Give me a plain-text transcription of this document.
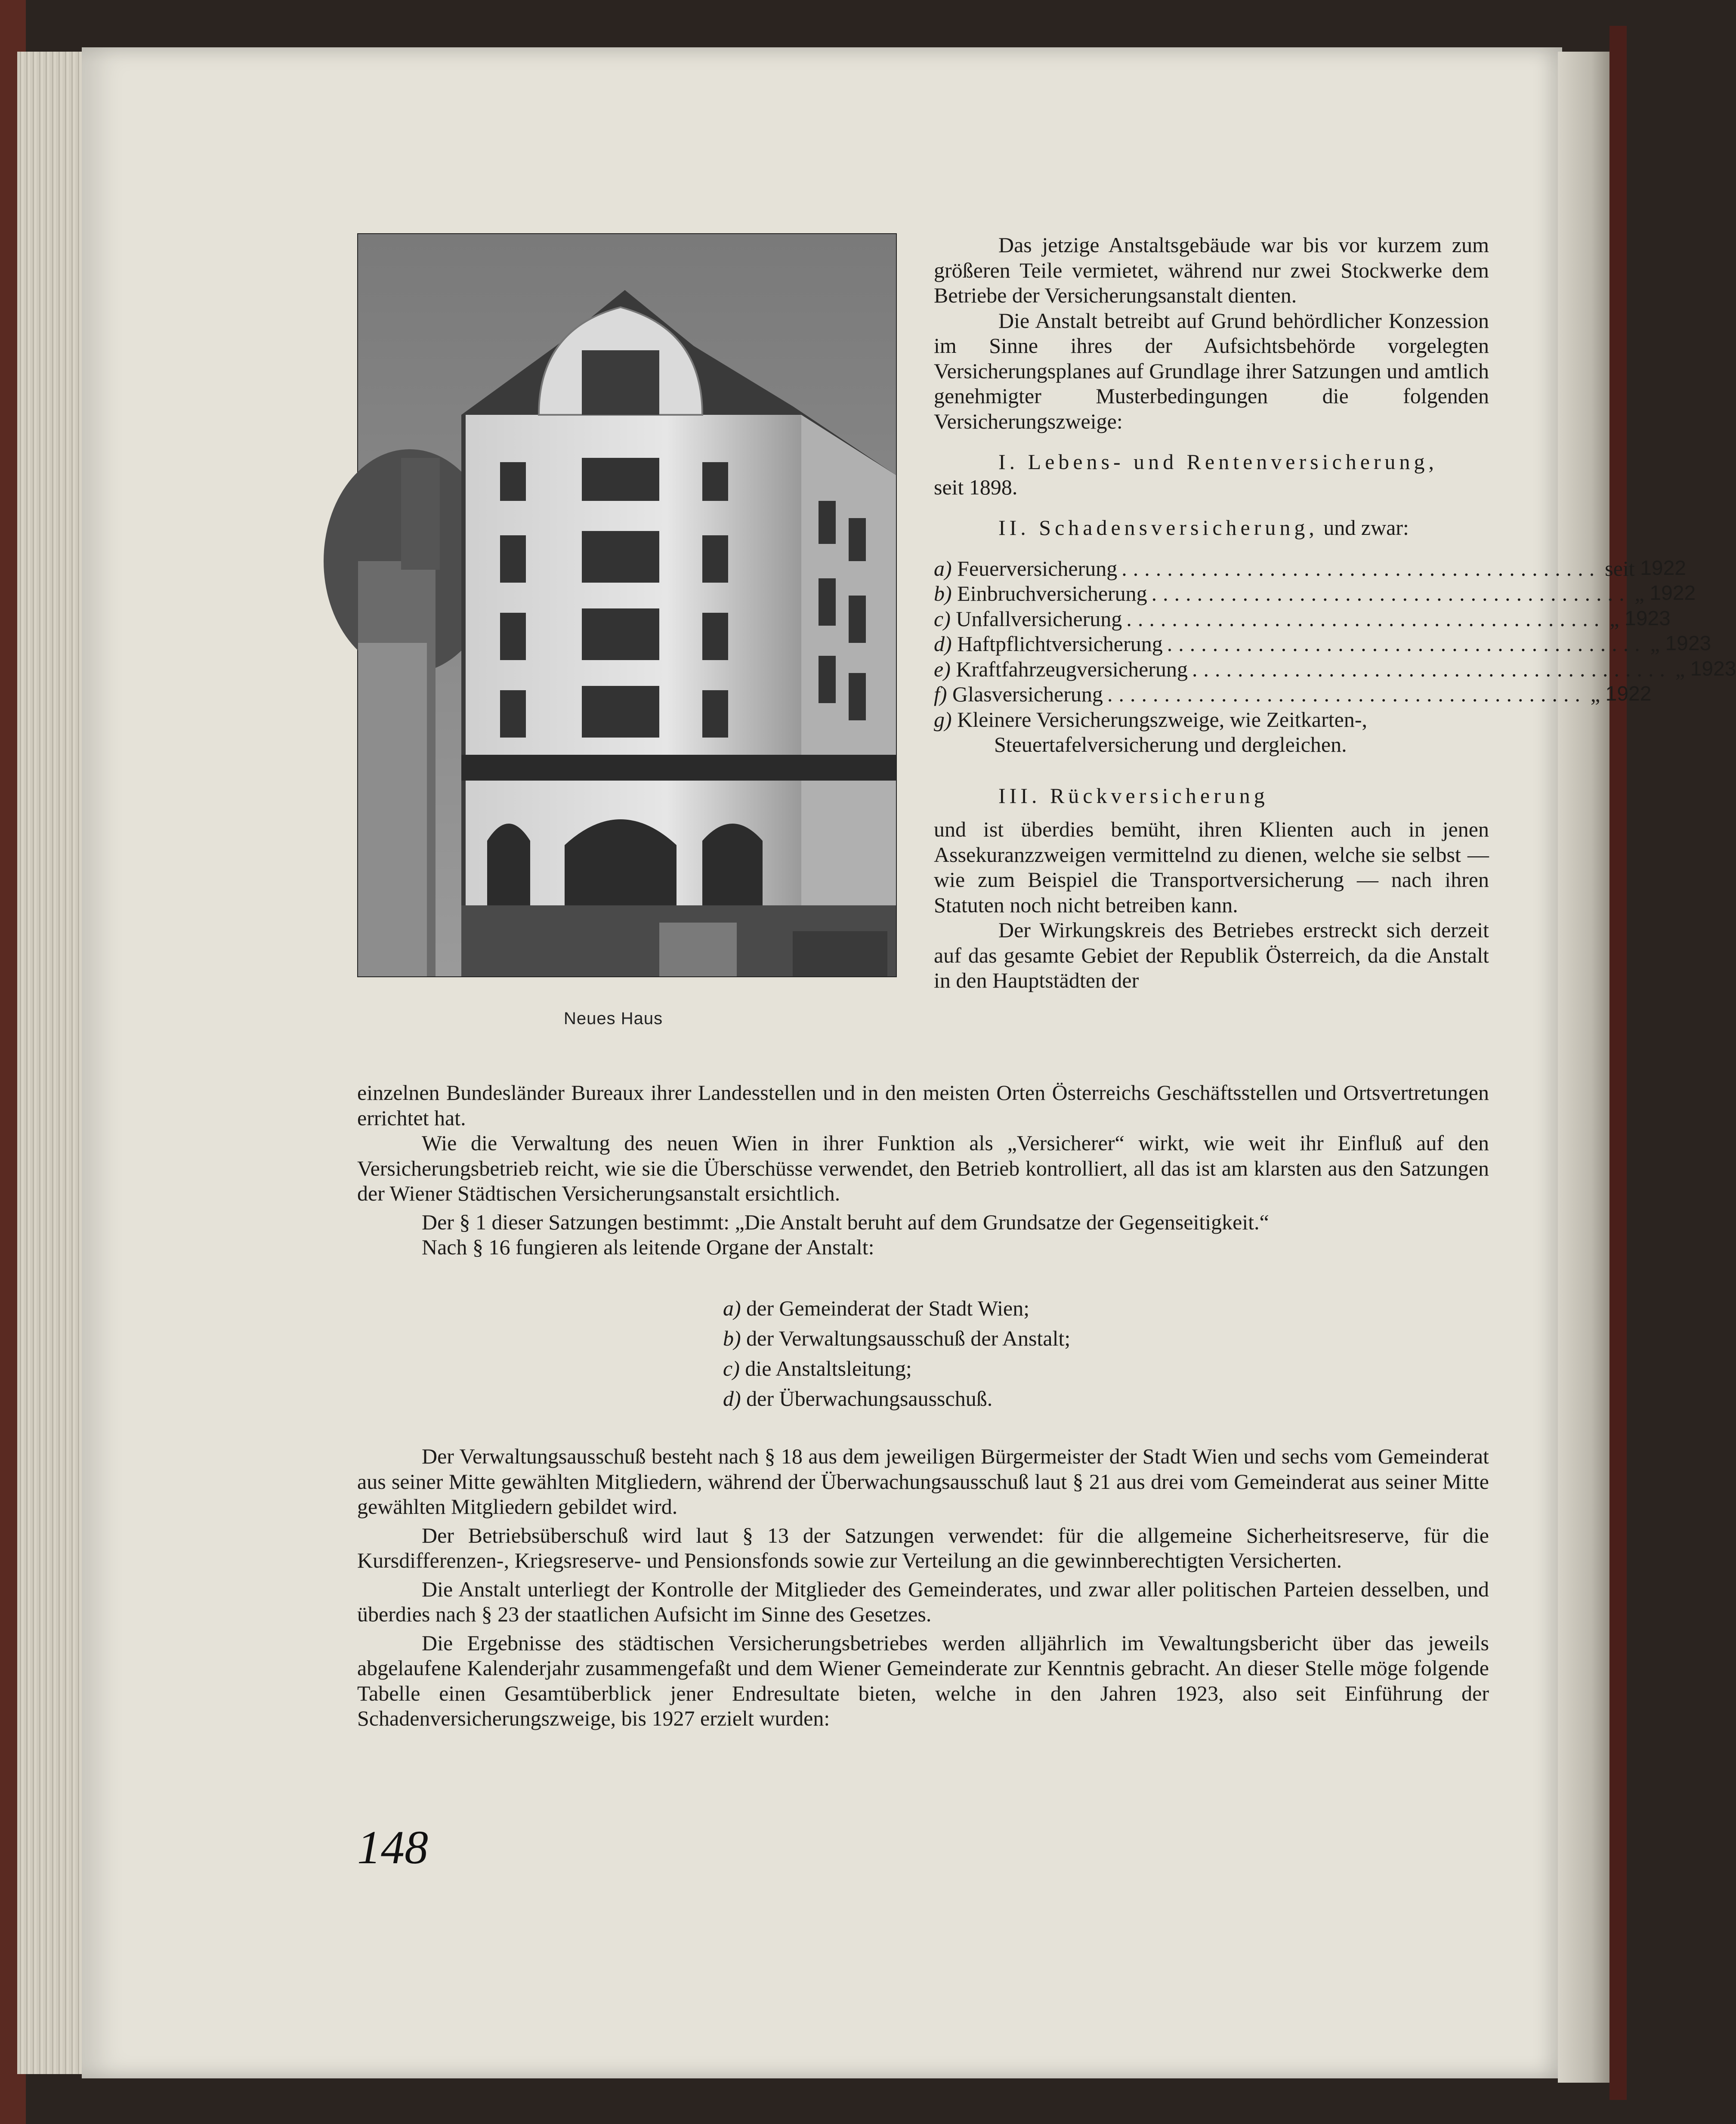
Neues Haus

Das jetzige Anstaltsgebäude war bis vor kurzem zum größeren Teile vermietet, während nur zwei Stockwerke dem Betriebe der Versicherungsanstalt dienten.

Die Anstalt betreibt auf Grund behördlicher Konzession im Sinne ihres der Aufsichtsbehörde vorgelegten Versicherungsplanes auf Grundlage ihrer Satzungen und amtlich genehmigter Musterbedingungen die folgenden Versicherungszweige:

I. Lebens- und Rentenversicherung,

seit 1898.

II. Schadensversicherung, und zwar:

a) Feuerversicherung .......................................... seit
1922
b) Einbruchversicherung .......................................... „
1922
c) Unfallversicherung .......................................... „
1923
d) Haftpflichtversicherung .......................................... „
1923
e) Kraftfahrzeugversicherung .......................................... „
1923
f) Glasversicherung .......................................... „
1922

g) Kleinere Versicherungszweige, wie Zeitkarten-,

Steuertafelversicherung und dergleichen.

III. Rückversicherung

und ist überdies bemüht, ihren Klienten auch in jenen Assekuranzzweigen vermittelnd zu dienen, welche sie selbst — wie zum Beispiel die Transportversicherung — nach ihren Statuten noch nicht betreiben kann.

Der Wirkungskreis des Betriebes erstreckt sich derzeit auf das gesamte Gebiet der Republik Österreich, da die Anstalt in den Hauptstädten der

einzelnen Bundesländer Bureaux ihrer Landesstellen und in den meisten Orten Österreichs Geschäftsstellen und Ortsvertretungen errichtet hat.

Wie die Verwaltung des neuen Wien in ihrer Funktion als „Versicherer“ wirkt, wie weit ihr Einfluß auf den Versicherungsbetrieb reicht, wie sie die Überschüsse verwendet, den Betrieb kontrolliert, all das ist am klarsten aus den Satzungen der Wiener Städtischen Versicherungsanstalt ersichtlich.

Der § 1 dieser Satzungen bestimmt: „Die Anstalt beruht auf dem Grundsatze der Gegenseitigkeit.“

Nach § 16 fungieren als leitende Organe der Anstalt:

a) der Gemeinderat der Stadt Wien;
b) der Verwaltungsausschuß der Anstalt;
c) die Anstaltsleitung;
d) der Überwachungsausschuß.

Der Verwaltungsausschuß besteht nach § 18 aus dem jeweiligen Bürgermeister der Stadt Wien und sechs vom Gemeinderat aus seiner Mitte gewählten Mitgliedern, während der Überwachungsausschuß laut § 21 aus drei vom Gemeinderat aus seiner Mitte gewählten Mitgliedern gebildet wird.

Der Betriebsüberschuß wird laut § 13 der Satzungen verwendet: für die allgemeine Sicherheitsreserve, für die Kursdifferenzen-, Kriegsreserve- und Pensionsfonds sowie zur Verteilung an die gewinnberechtigten Versicherten.

Die Anstalt unterliegt der Kontrolle der Mitglieder des Gemeinderates, und zwar aller politischen Parteien desselben, und überdies nach § 23 der staatlichen Aufsicht im Sinne des Gesetzes.

Die Ergebnisse des städtischen Versicherungsbetriebes werden alljährlich im Vewaltungsbericht über das jeweils abgelaufene Kalenderjahr zusammengefaßt und dem Wiener Gemeinderate zur Kenntnis gebracht. An dieser Stelle möge folgende Tabelle einen Gesamtüberblick jener Endresultate bieten, welche in den Jahren 1923, also seit Einführung der Schadenversicherungszweige, bis 1927 erzielt wurden:

148
